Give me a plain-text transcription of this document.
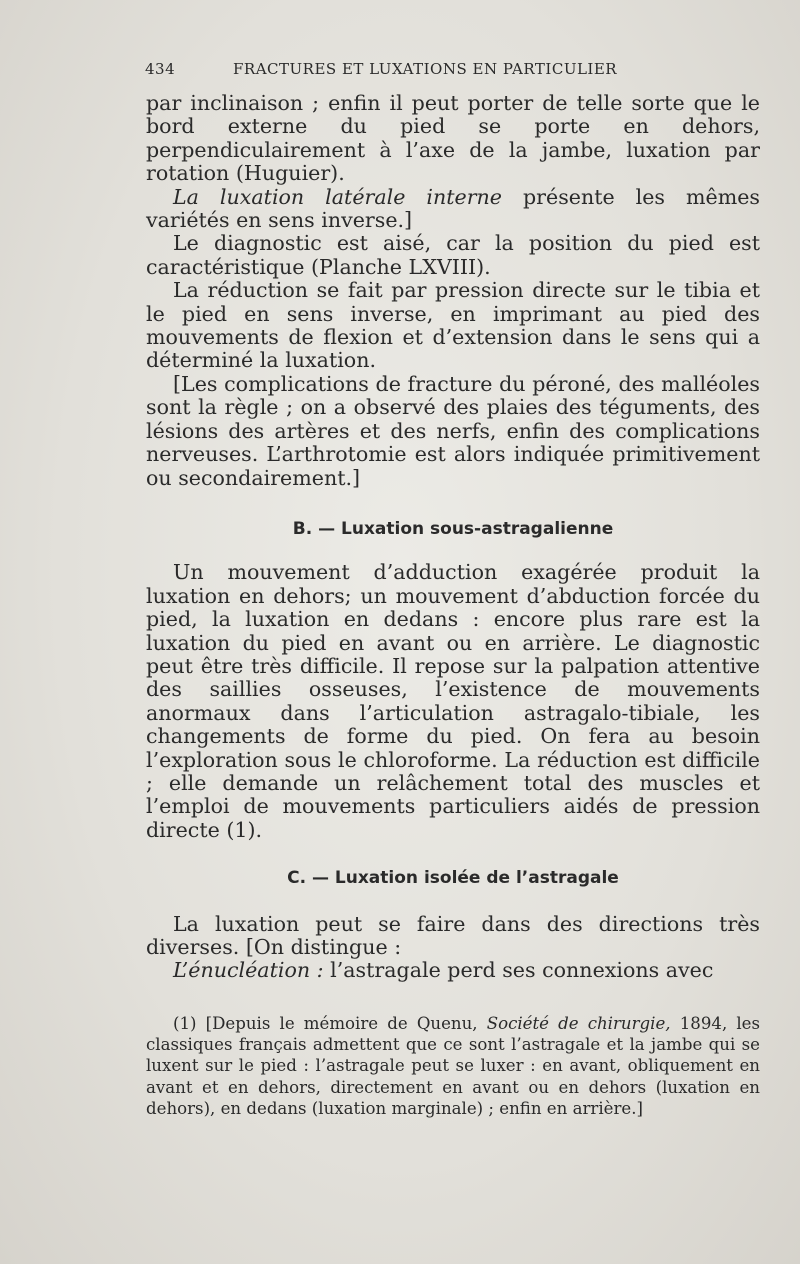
434	FRACTURES ET LUXATIONS EN PARTICULIER

par inclinaison ; enfin il peut porter de telle sorte que le bord externe du pied se porte en dehors, perpendiculairement à l’axe de la jambe, luxation par rotation (Huguier).

La luxation latérale interne présente les mêmes variétés en sens inverse.]

Le diagnostic est aisé, car la position du pied est caractéristique (Planche LXVIII).

La réduction se fait par pression directe sur le tibia et le pied en sens inverse, en imprimant au pied des mouvements de flexion et d’extension dans le sens qui a déterminé la luxation.

[Les complications de fracture du péroné, des malléoles sont la règle ; on a observé des plaies des téguments, des lésions des artères et des nerfs, enfin des complications nerveuses. L’arthrotomie est alors indiquée primitivement ou secondairement.]

B. — Luxation sous-astragalienne

Un mouvement d’adduction exagérée produit la luxation en dehors; un mouvement d’abduction forcée du pied, la luxation en dedans : encore plus rare est la luxation du pied en avant ou en arrière. Le diagnostic peut être très difficile. Il repose sur la palpation attentive des saillies osseuses, l’existence de mouvements anormaux dans l’articulation astragalo-tibiale, les changements de forme du pied. On fera au besoin l’exploration sous le chloroforme. La réduction est difficile ; elle demande un relâchement total des muscles et l’emploi de mouvements particuliers aidés de pression directe (1).

C. — Luxation isolée de l’astragale

La luxation peut se faire dans des directions très diverses. [On distingue :

L’énucléation : l’astragale perd ses connexions avec

(1) [Depuis le mémoire de Quenu, Société de chirurgie, 1894, les classiques français admettent que ce sont l’astragale et la jambe qui se luxent sur le pied : l’astragale peut se luxer : en avant, obliquement en avant et en dehors, directement en avant ou en dehors (luxation en dehors), en dedans (luxation marginale) ; enfin en arrière.]
